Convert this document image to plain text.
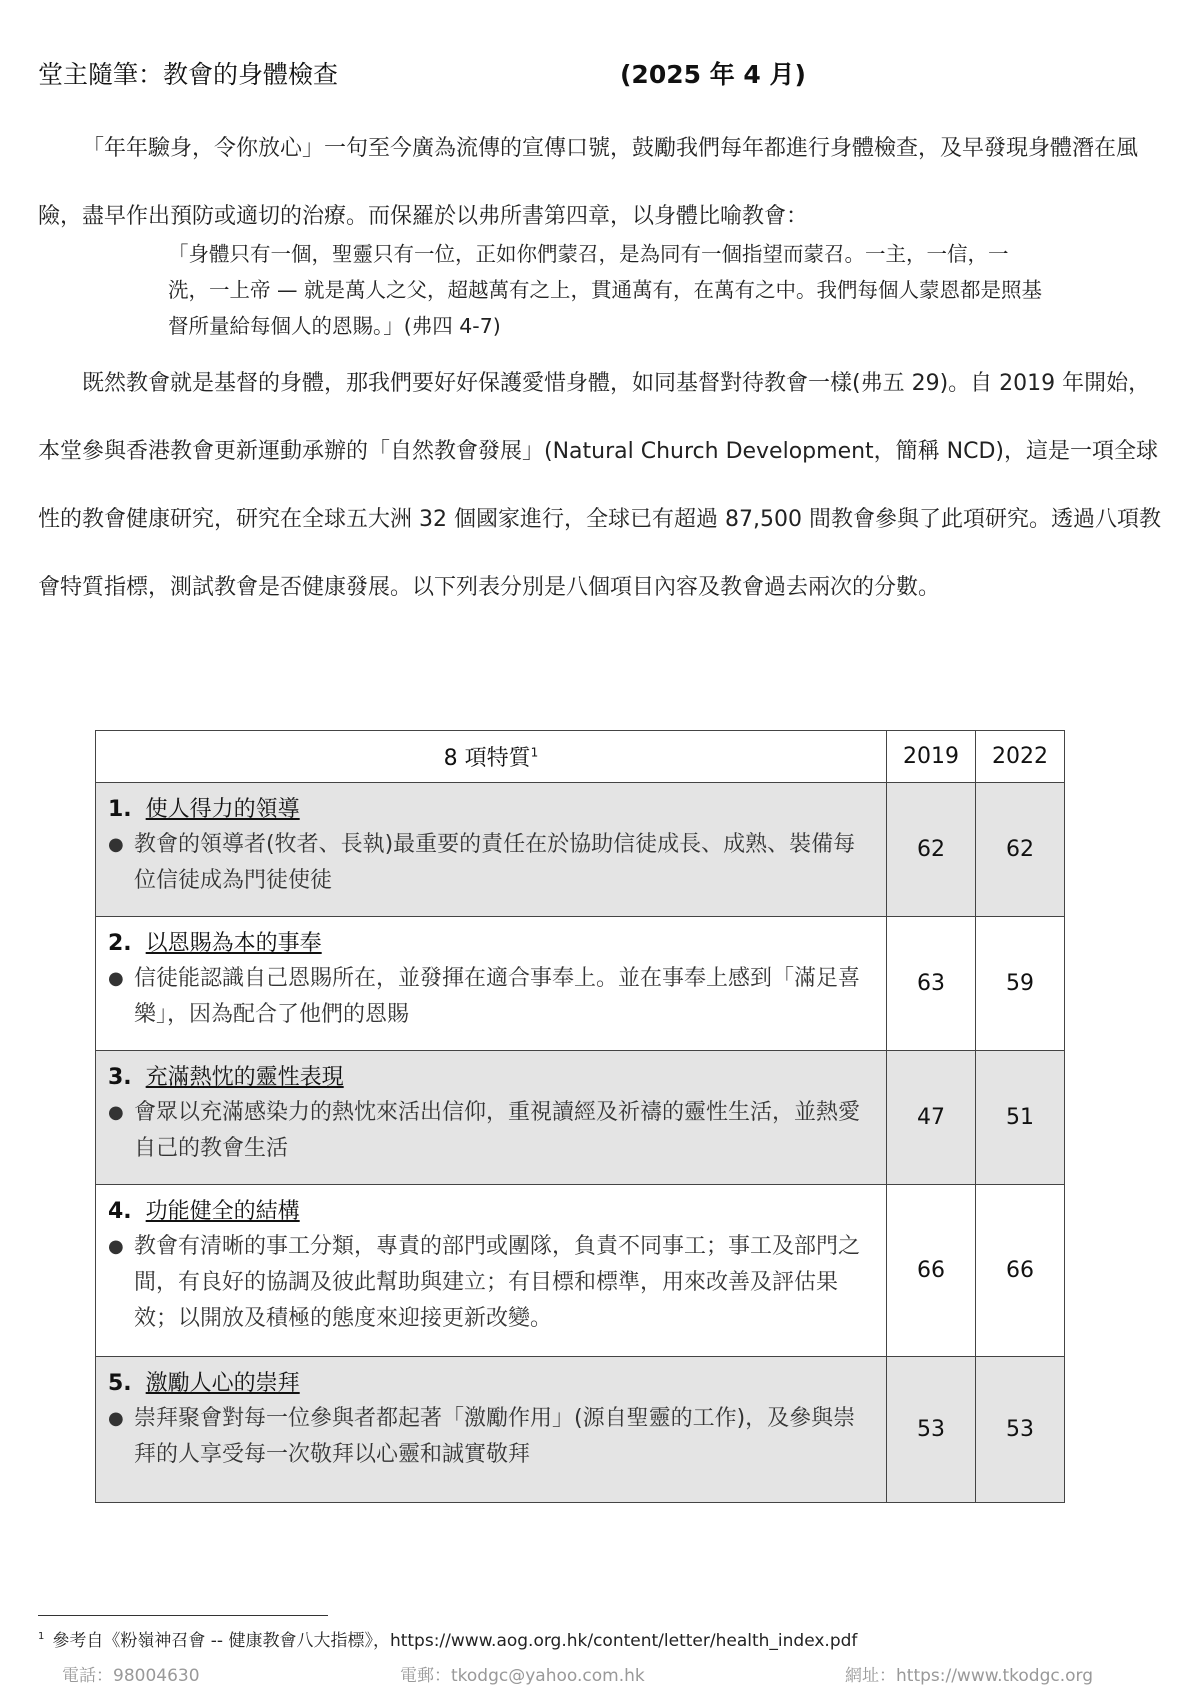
堂主隨筆：教會的身體檢查	(2025 年 4 月)
「年年驗身，令你放心」一句至今廣為流傳的宣傳口號，鼓勵我們每年都進行身體檢查，及早發現身體潛在風險，盡早作出預防或適切的治療。而保羅於以弗所書第四章，以身體比喻教會：
「身體只有一個，聖靈只有一位，正如你們蒙召，是為同有一個指望而蒙召。一主，一信，一洗，一上帝 — 就是萬人之父，超越萬有之上，貫通萬有，在萬有之中。我們每個人蒙恩都是照基督所量給每個人的恩賜。」(弗四 4-7)
既然教會就是基督的身體，那我們要好好保護愛惜身體，如同基督對待教會一樣(弗五 29)。自 2019 年開始，本堂參與香港教會更新運動承辦的「自然教會發展」(Natural Church Development，簡稱 NCD)，這是一項全球性的教會健康研究，研究在全球五大洲 32 個國家進行，全球已有超過 87,500 間教會參與了此項研究。透過八項教會特質指標，測試教會是否健康發展。以下列表分別是八個項目內容及教會過去兩次的分數。
8 項特質$^1$	2019	2022

1. 使人得力的領導
● 教會的領導者(牧者、長執)最重要的責任在於協助信徒成長、成熟、裝備每位信徒成為門徒使徒	62	62

2. 以恩賜為本的事奉
● 信徒能認識自己恩賜所在，並發揮在適合事奉上。並在事奉上感到「滿足喜樂」，因為配合了他們的恩賜	63	59

3. 充滿熱忱的靈性表現
● 會眾以充滿感染力的熱忱來活出信仰，重視讀經及祈禱的靈性生活，並熱愛自己的教會生活	47	51

4. 功能健全的結構
● 教會有清晰的事工分類，專責的部門或團隊，負責不同事工；事工及部門之間，有良好的協調及彼此幫助與建立；有目標和標準，用來改善及評估果效；以開放及積極的態度來迎接更新改變。	66	66

5. 激勵人心的崇拜
● 崇拜聚會對每一位參與者都起著「激勵作用」(源自聖靈的工作)，及參與崇拜的人享受每一次敬拜以心靈和誠實敬拜	53	53
$^1$ 參考自《粉嶺神召會 -- 健康教會八大指標》，https://www.aog.org.hk/content/letter/health_index.pdf
電話：98004630	電郵：tkodgc@yahoo.com.hk	網址：https://www.tkodgc.org
